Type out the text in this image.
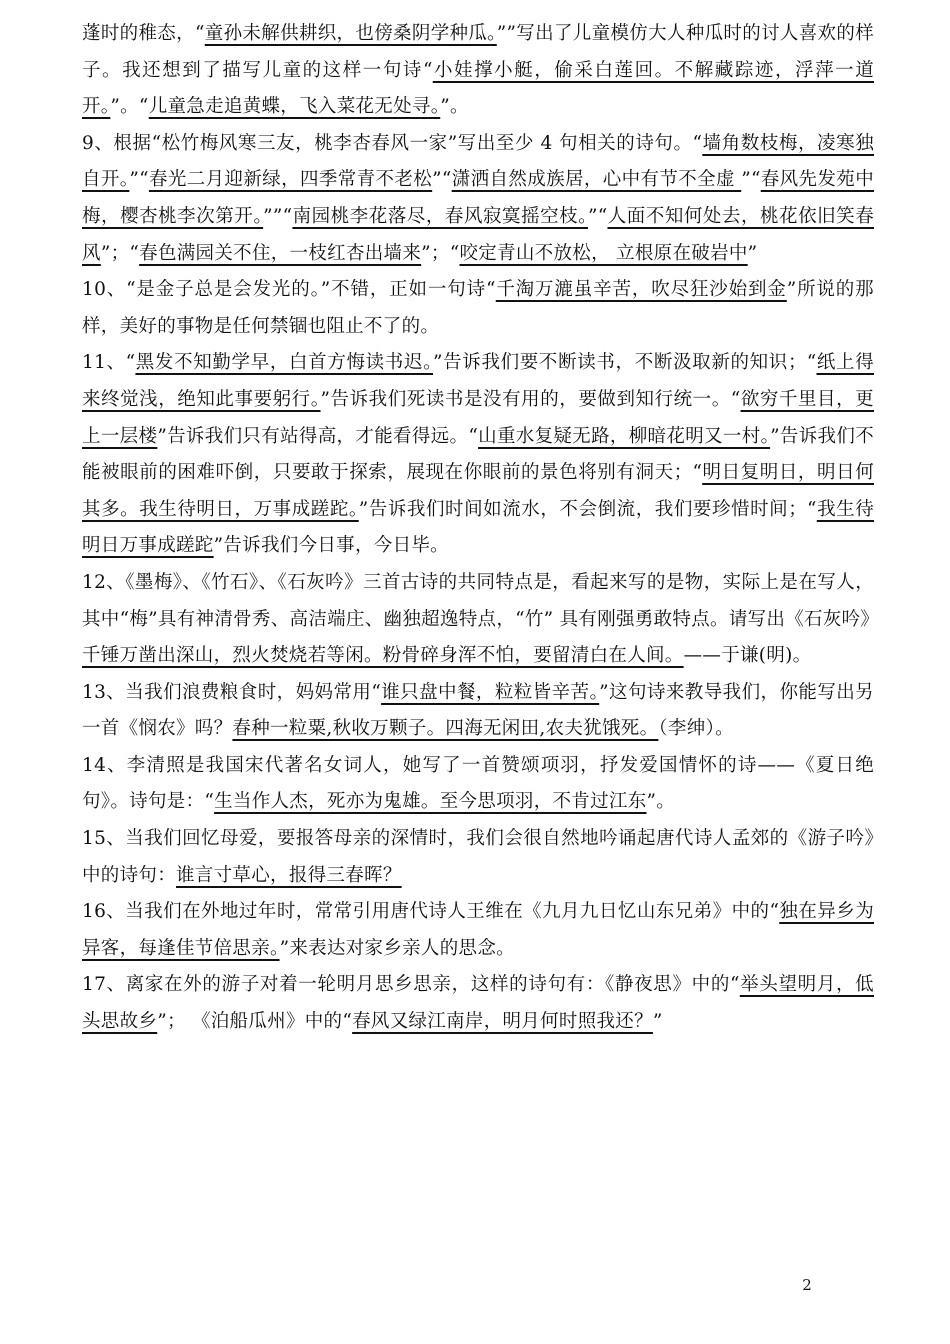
蓬时的稚态，“童孙未解供耕织，也傍桑阴学种瓜。””写出了儿童模仿大人种瓜时的讨人喜欢的样子。我还想到了描写儿童的这样一句诗“小娃撑小艇，偷采白莲回。不解藏踪迹，浮萍一道开。”。“儿童急走追黄蝶，飞入菜花无处寻。”。

9、根据“松竹梅风寒三友，桃李杏春风一家”写出至少 4 句相关的诗句。“墙角数枝梅，凌寒独自开。”“春光二月迎新绿，四季常青不老松”“潇洒自然成族居，心中有节不全虚 ”“春风先发苑中梅，樱杏桃李次第开。””“南园桃李花落尽，春风寂寞摇空枝。”“人面不知何处去，桃花依旧笑春风”；“春色满园关不住，一枝红杏出墙来”；“咬定青山不放松， 立根原在破岩中”

10、“是金子总是会发光的。”不错，正如一句诗“千淘万漉虽辛苦，吹尽狂沙始到金”所说的那样，美好的事物是任何禁锢也阻止不了的。

11、“黑发不知勤学早，白首方悔读书迟。”告诉我们要不断读书，不断汲取新的知识；“纸上得来终觉浅，绝知此事要躬行。”告诉我们死读书是没有用的，要做到知行统一。“欲穷千里目，更上一层楼”告诉我们只有站得高，才能看得远。“山重水复疑无路，柳暗花明又一村。”告诉我们不能被眼前的困难吓倒，只要敢于探索，展现在你眼前的景色将别有洞天；“明日复明日，明日何其多。我生待明日，万事成蹉跎。”告诉我们时间如流水，不会倒流，我们要珍惜时间；“我生待明日万事成蹉跎”告诉我们今日事，今日毕。

12、《墨梅》、《竹石》、《石灰吟》三首古诗的共同特点是，看起来写的是物，实际上是在写人，其中“梅”具有神清骨秀、高洁端庄、幽独超逸特点，“竹” 具有刚强勇敢特点。请写出《石灰吟》千锤万凿出深山，烈火焚烧若等闲。粉骨碎身浑不怕，要留清白在人间。——于谦(明)。

13、当我们浪费粮食时，妈妈常用“谁只盘中餐，粒粒皆辛苦。”这句诗来教导我们，你能写出另一首《悯农》吗？春种一粒粟,秋收万颗子。四海无闲田,农夫犹饿死。（李绅）。

14、李清照是我国宋代著名女词人，她写了一首赞颂项羽，抒发爱国情怀的诗——《夏日绝句》。诗句是：“生当作人杰，死亦为鬼雄。至今思项羽，不肯过江东”。

15、当我们回忆母爱，要报答母亲的深情时，我们会很自然地吟诵起唐代诗人孟郊的《游子吟》中的诗句：谁言寸草心，报得三春晖？

16、当我们在外地过年时，常常引用唐代诗人王维在《九月九日忆山东兄弟》中的“独在异乡为异客，每逢佳节倍思亲。”来表达对家乡亲人的思念。

17、离家在外的游子对着一轮明月思乡思亲，这样的诗句有：《静夜思》中的“举头望明月，低头思故乡”； 《泊船瓜州》中的“春风又绿江南岸，明月何时照我还？”

2
